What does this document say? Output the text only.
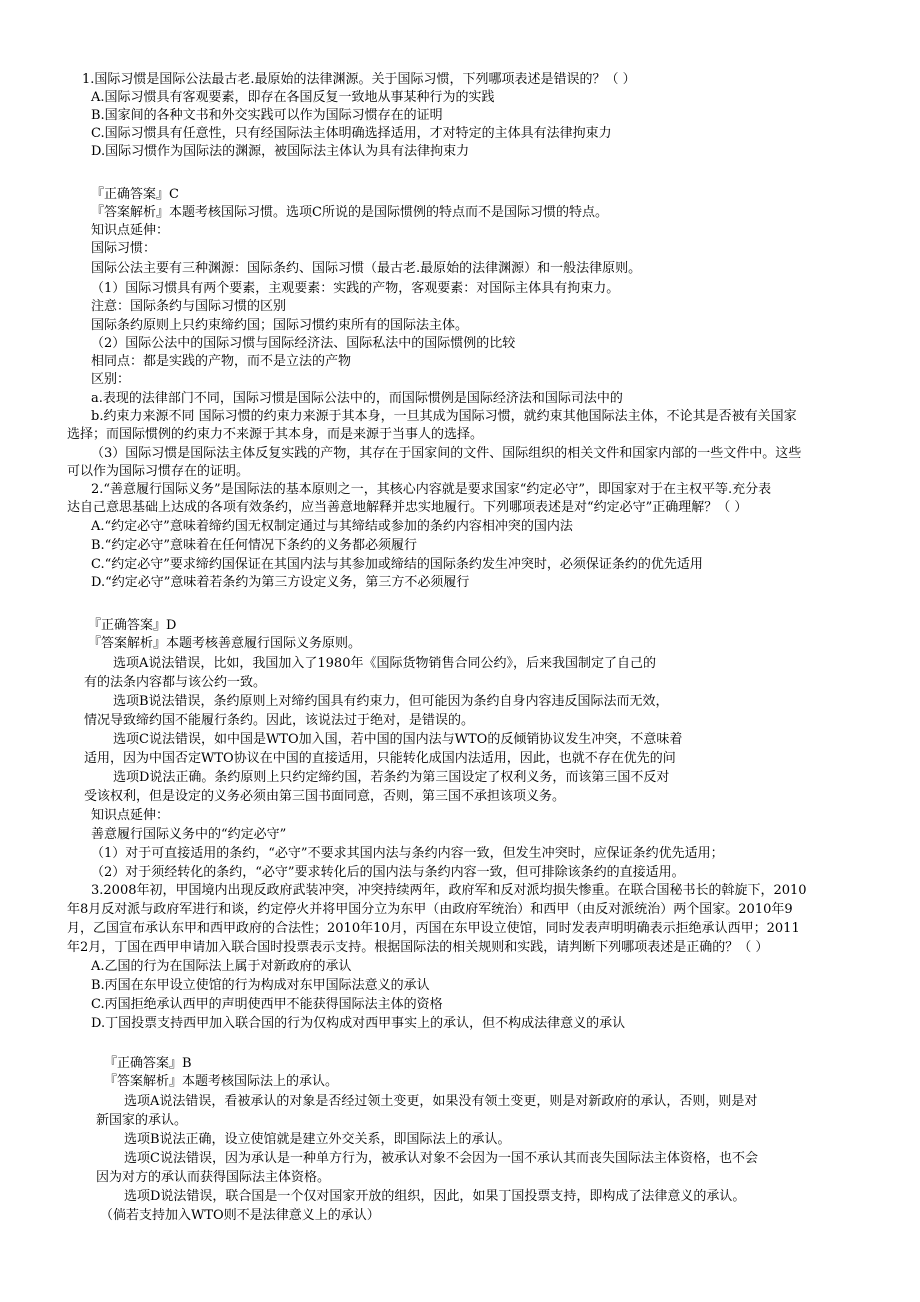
1.国际习惯是国际公法最古老.最原始的法律渊源。关于国际习惯，下列哪项表述是错误的？（ ）
A.国际习惯具有客观要素，即存在各国反复一致地从事某种行为的实践
B.国家间的各种文书和外交实践可以作为国际习惯存在的证明
C.国际习惯具有任意性，只有经国际法主体明确选择适用，才对特定的主体具有法律拘束力
D.国际习惯作为国际法的渊源，被国际法主体认为具有法律拘束力
『正确答案』C
『答案解析』本题考核国际习惯。选项C所说的是国际惯例的特点而不是国际习惯的特点。
知识点延伸：
国际习惯：
国际公法主要有三种渊源：国际条约、国际习惯（最古老.最原始的法律渊源）和一般法律原则。
（1）国际习惯具有两个要素，主观要素：实践的产物，客观要素：对国际主体具有拘束力。
注意：国际条约与国际习惯的区别
国际条约原则上只约束缔约国；国际习惯约束所有的国际法主体。
（2）国际公法中的国际习惯与国际经济法、国际私法中的国际惯例的比较
相同点：都是实践的产物，而不是立法的产物
区别：
a.表现的法律部门不同，国际习惯是国际公法中的，而国际惯例是国际经济法和国际司法中的
b.约束力来源不同 国际习惯的约束力来源于其本身，一旦其成为国际习惯，就约束其他国际法主体，不论其是否被有关国家
选择；而国际惯例的约束力不来源于其本身，而是来源于当事人的选择。
（3）国际习惯是国际法主体反复实践的产物，其存在于国家间的文件、国际组织的相关文件和国家内部的一些文件中。这些
可以作为国际习惯存在的证明。
2.“善意履行国际义务”是国际法的基本原则之一，其核心内容就是要求国家“约定必守”，即国家对于在主权平等.充分表
达自己意思基础上达成的各项有效条约，应当善意地解释并忠实地履行。下列哪项表述是对“约定必守”正确理解？（ ）
A.“约定必守”意味着缔约国无权制定通过与其缔结或参加的条约内容相冲突的国内法
B.“约定必守”意味着在任何情况下条约的义务都必须履行
C.“约定必守”要求缔约国保证在其国内法与其参加或缔结的国际条约发生冲突时，必须保证条约的优先适用
D.“约定必守”意味着若条约为第三方设定义务，第三方不必须履行
『正确答案』D
『答案解析』本题考核善意履行国际义务原则。
选项A说法错误，比如，我国加入了1980年《国际货物销售合同公约》，后来我国制定了自己的
有的法条内容都与该公约一致。
选项B说法错误，条约原则上对缔约国具有约束力，但可能因为条约自身内容违反国际法而无效，
情况导致缔约国不能履行条约。因此，该说法过于绝对，是错误的。
选项C说法错误，如中国是WTO加入国，若中国的国内法与WTO的反倾销协议发生冲突，不意味着
适用，因为中国否定WTO协议在中国的直接适用，只能转化成国内法适用，因此，也就不存在优先的问
选项D说法正确。条约原则上只约定缔约国，若条约为第三国设定了权利义务，而该第三国不反对
受该权利，但是设定的义务必须由第三国书面同意，否则，第三国不承担该项义务。
知识点延伸：
善意履行国际义务中的“约定必守”
（1）对于可直接适用的条约，“必守”不要求其国内法与条约内容一致，但发生冲突时，应保证条约优先适用；
（2）对于须经转化的条约，“必守”要求转化后的国内法与条约内容一致，但可排除该条约的直接适用。
3.2008年初，甲国境内出现反政府武装冲突，冲突持续两年，政府军和反对派均损失惨重。在联合国秘书长的斡旋下，2010
年8月反对派与政府军进行和谈，约定停火并将甲国分立为东甲（由政府军统治）和西甲（由反对派统治）两个国家。2010年9
月，乙国宣布承认东甲和西甲政府的合法性；2010年10月，丙国在东甲设立使馆，同时发表声明明确表示拒绝承认西甲；2011
年2月，丁国在西甲申请加入联合国时投票表示支持。根据国际法的相关规则和实践，请判断下列哪项表述是正确的？（ ）
A.乙国的行为在国际法上属于对新政府的承认
B.丙国在东甲设立使馆的行为构成对东甲国际法意义的承认
C.丙国拒绝承认西甲的声明使西甲不能获得国际法主体的资格
D.丁国投票支持西甲加入联合国的行为仅构成对西甲事实上的承认，但不构成法律意义的承认
『正确答案』B
『答案解析』本题考核国际法上的承认。
选项A说法错误，看被承认的对象是否经过领土变更，如果没有领土变更，则是对新政府的承认，否则，则是对
新国家的承认。
选项B说法正确，设立使馆就是建立外交关系，即国际法上的承认。
选项C说法错误，因为承认是一种单方行为，被承认对象不会因为一国不承认其而丧失国际法主体资格，也不会
因为对方的承认而获得国际法主体资格。
选项D说法错误，联合国是一个仅对国家开放的组织，因此，如果丁国投票支持，即构成了法律意义的承认。
（倘若支持加入WTO则不是法律意义上的承认）
